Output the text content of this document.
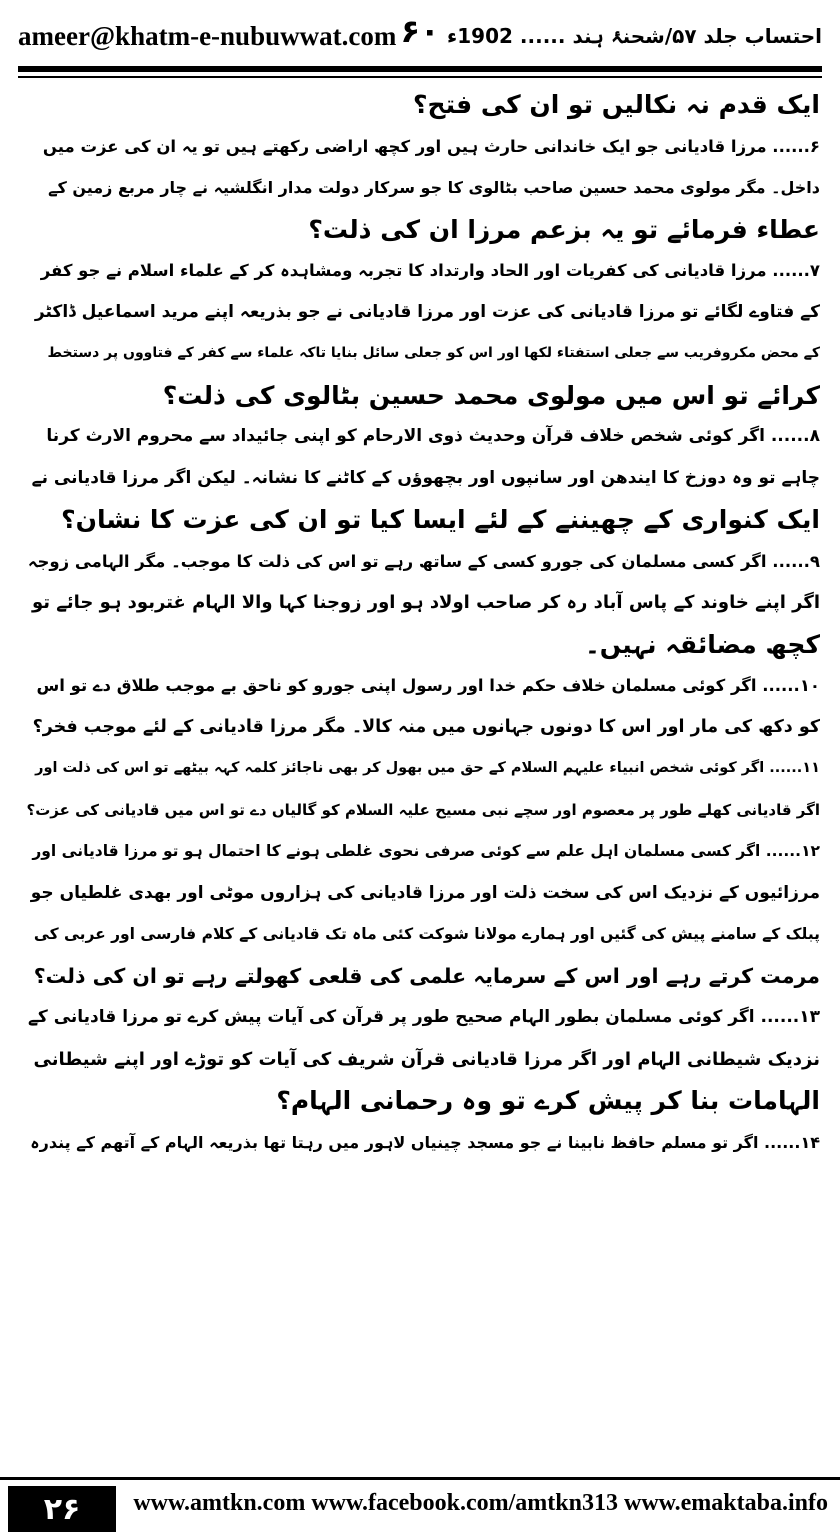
ameer@khatm-e-nubuwwat.com ۶۰ احتساب جلد ۵۷/شحنۂ ہند ...... 1902ء
ایک قدم نہ نکالیں تو ان کی فتح؟
۶...... مرزا قادیانی جو ایک خاندانی حارث ہیں اور کچھ اراضی رکھتے ہیں تو یہ ان کی عزت میں
داخل۔ مگر مولوی محمد حسین صاحب بٹالوی کا جو سرکار دولت مدار انگلشیہ نے چار مربع زمین کے
عطاء فرمائے تو یہ بزعم مرزا ان کی ذلت؟
۷...... مرزا قادیانی کی کفریات اور الحاد وارتداد کا تجربہ ومشاہدہ کر کے علماء اسلام نے جو کفر
کے فتاوے لگائے تو مرزا قادیانی کی عزت اور مرزا قادیانی نے جو بذریعہ اپنے مرید اسماعیل ڈاکٹر
کے محض مکروفریب سے جعلی استفتاء لکھا اور اس کو جعلی سائل بنایا تاکہ علماء سے کفر کے فتاووں پر دستخط
کرائے تو اس میں مولوی محمد حسین بٹالوی کی ذلت؟
۸...... اگر کوئی شخص خلاف قرآن وحدیث ذوی الارحام کو اپنی جائیداد سے محروم الارث کرنا
چاہے تو وہ دوزخ کا ایندھن اور سانپوں اور بچھوؤں کے کاٹنے کا نشانہ۔ لیکن اگر مرزا قادیانی نے
ایک کنواری کے چھیننے کے لئے ایسا کیا تو ان کی عزت کا نشان؟
۹...... اگر کسی مسلمان کی جورو کسی کے ساتھ رہے تو اس کی ذلت کا موجب۔ مگر الہامی زوجہ
اگر اپنے خاوند کے پاس آباد رہ کر صاحب اولاد ہو اور زوجنا کہا والا الہام غتربود ہو جائے تو
کچھ مضائقہ نہیں۔
۱۰...... اگر کوئی مسلمان خلاف حکم خدا اور رسول اپنی جورو کو ناحق بے موجب طلاق دے تو اس
کو دکھ کی مار اور اس کا دونوں جہانوں میں منہ کالا۔ مگر مرزا قادیانی کے لئے موجب فخر؟
۱۱...... اگر کوئی شخص انبیاء علیہم السلام کے حق میں بھول کر بھی ناجائز کلمہ کہہ بیٹھے تو اس کی ذلت اور
اگر قادیانی کھلے طور پر معصوم اور سچے نبی مسیح علیہ السلام کو گالیاں دے تو اس میں قادیانی کی عزت؟
۱۲...... اگر کسی مسلمان اہل علم سے کوئی صرفی نحوی غلطی ہونے کا احتمال ہو تو مرزا قادیانی اور
مرزائیوں کے نزدیک اس کی سخت ذلت اور مرزا قادیانی کی ہزاروں موٹی اور بھدی غلطیاں جو
پبلک کے سامنے پیش کی گئیں اور ہمارے مولانا شوکت کئی ماہ تک قادیانی کے کلام فارسی اور عربی کی
مرمت کرتے رہے اور اس کے سرمایہ علمی کی قلعی کھولتے رہے تو ان کی ذلت؟
۱۳...... اگر کوئی مسلمان بطور الہام صحیح طور پر قرآن کی آیات پیش کرے تو مرزا قادیانی کے
نزدیک شیطانی الہام اور اگر مرزا قادیانی قرآن شریف کی آیات کو توڑے اور اپنے شیطانی
الہامات بنا کر پیش کرے تو وہ رحمانی الہام؟
۱۴...... اگر تو مسلم حافظ نابینا نے جو مسجد چینیاں لاہور میں رہتا تھا بذریعہ الہام کے آتھم کے پندرہ
۲۶	www.amtkn.com www.facebook.com/amtkn313 www.emaktaba.info
